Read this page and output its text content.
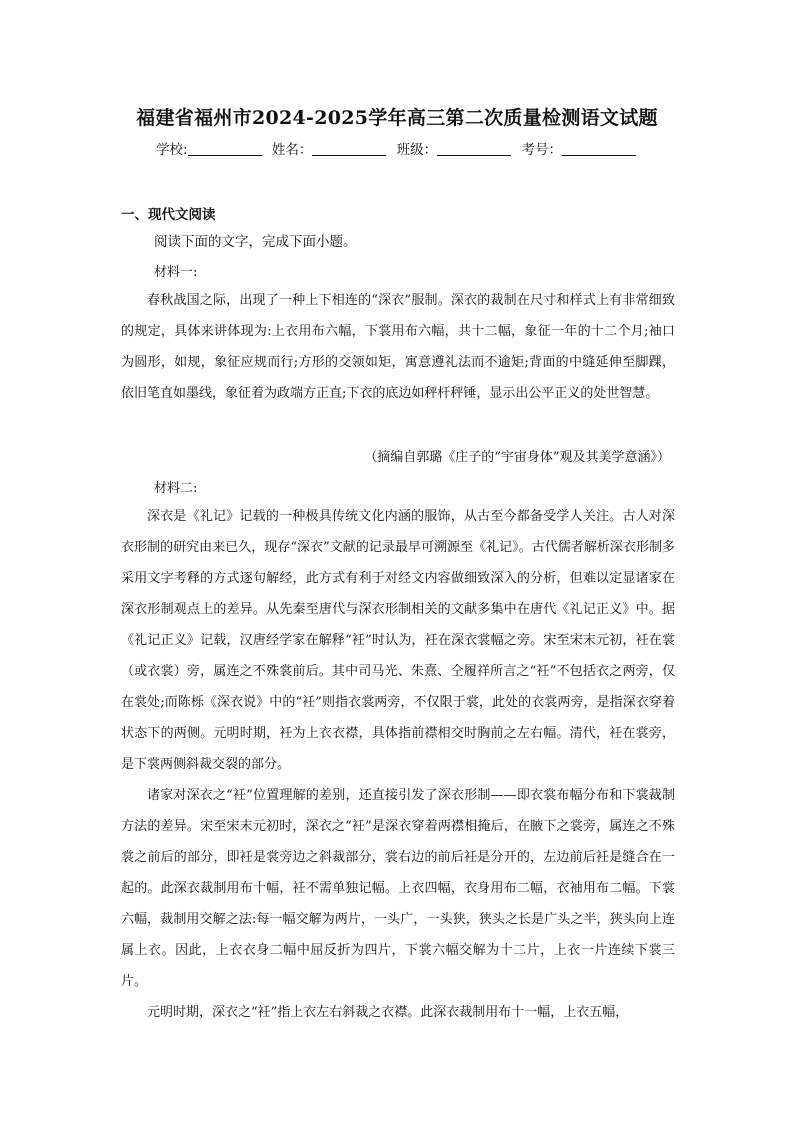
福建省福州市2024-2025学年高三第二次质量检测语文试题
学校:	姓名：	班级：	考号：
一、现代文阅读
阅读下面的文字，完成下面小题。
材料一:

春秋战国之际，出现了一种上下相连的“深衣”服制。深衣的裁制在尺寸和样式上有非常细致的规定，具体来讲体现为:上衣用布六幅，下裳用布六幅，共十二幅，象征一年的十二个月;袖口为圆形，如规，象征应规而行;方形的交领如矩，寓意遵礼法而不逾矩;背面的中缝延伸至脚踝，依旧笔直如墨线，象征着为政端方正直;下衣的底边如秤杆秤锤，显示出公平正义的处世智慧。

（摘编自郭璐《庄子的“宇宙身体”观及其美学意涵》）
材料二:

深衣是《礼记》记载的一种极具传统文化内涵的服饰，从古至今都备受学人关注。古人对深衣形制的研究由来已久，现存“深衣”文献的记录最早可溯源至《礼记》。古代儒者解析深衣形制多采用文字考释的方式逐句解经，此方式有利于对经文内容做细致深入的分析，但难以定显诸家在深衣形制观点上的差异。从先秦至唐代与深衣形制相关的文献多集中在唐代《礼记正义》中。据《礼记正义》记载，汉唐经学家在解释“衽”时认为，衽在深衣裳幅之旁。宋至宋末元初，衽在裳（或衣裳）旁，属连之不殊裳前后。其中司马光、朱熹、仝履祥所言之“衽”不包括衣之两旁，仅在裳处;而陈栎《深衣说》中的“衽”则指衣裳两旁，不仅限于裳，此处的衣裳两旁，是指深衣穿着状态下的两侧。元明时期，衽为上衣衣襟，具体指前襟相交时胸前之左右幅。清代，衽在裳旁，是下裳两侧斜裁交裂的部分。

诸家对深衣之“衽”位置理解的差别，还直接引发了深衣形制——即衣裳布幅分布和下裳裁制方法的差异。宋至宋末元初时，深衣之“衽”是深衣穿着两襟相掩后，在腋下之裳旁，属连之不殊裳之前后的部分，即衽是裳旁边之斜裁部分，裳右边的前后衽是分开的，左边前后衽是缝合在一起的。此深衣裁制用布十幅，衽不需单独记幅。上衣四幅，衣身用布二幅，衣袖用布二幅。下裳六幅，裁制用交解之法:每一幅交解为两片，一头广，一头狭，狭头之长是广头之半，狭头向上连属上衣。因此，上衣衣身二幅中屈反折为四片，下裳六幅交解为十二片，上衣一片连续下裳三片。

元明时期，深衣之“衽”指上衣左右斜裁之衣襟。此深衣裁制用布十一幅，上衣五幅，
